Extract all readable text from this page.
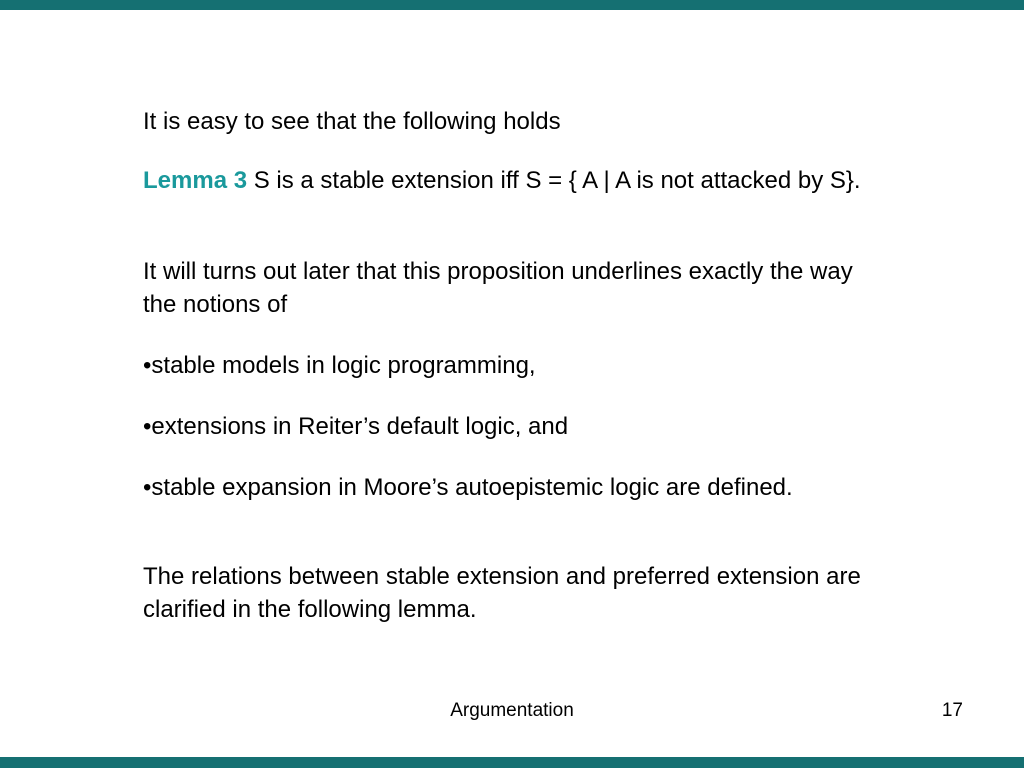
It is easy to see that the following holds
Lemma 3 S is a stable extension iff S = { A | A is not attacked by S}.
It will turns out later that this proposition underlines exactly the way
the notions of
•stable models in logic programming,
•extensions in Reiter’s default logic, and
•stable expansion in Moore’s autoepistemic logic are defined.
The relations between stable extension and preferred extension are
clarified in the following lemma.
Argumentation	17
